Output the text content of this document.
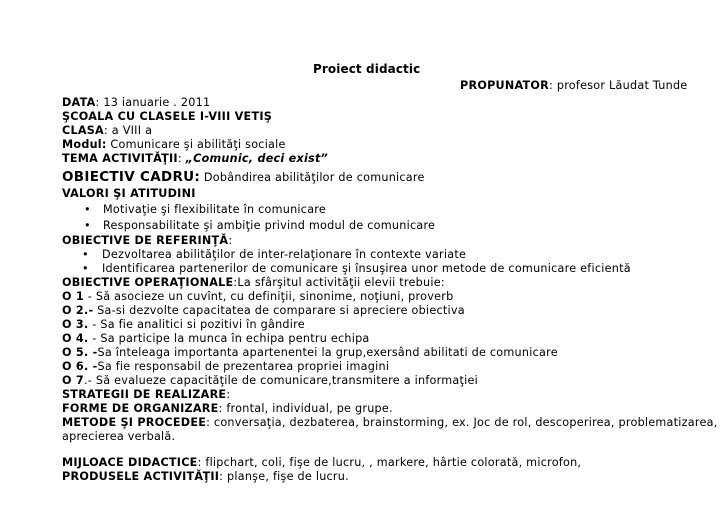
Proiect didactic
PROPUNATOR: profesor Lăudat Tunde
DATA: 13 ianuarie . 2011
ŞCOALA CU CLASELE I-VIII VETIŞ
CLASA: a VIII a
Modul: Comunicare şi abilităţi sociale
TEMA ACTIVITĂŢII: „Comunic, deci exist”
OBIECTIV CADRU: Dobândirea abilităţilor de comunicare
VALORI ŞI ATITUDINI
• Motivaţie şi flexibilitate în comunicare
• Responsabilitate şi ambiţie privind modul de comunicare
OBIECTIVE DE REFERINŢĂ:
• Dezvoltarea abilităţilor de inter-relaţionare în contexte variate
• Identificarea partenerilor de comunicare şi însuşirea unor metode de comunicare eficientă
OBIECTIVE OPERAŢIONALE:La sfârşitul activităţii elevii trebuie:
O 1 - Să asocieze un cuvînt, cu definiţii, sinonime, noţiuni, proverb
O 2.- Sa-si dezvolte capacitatea de comparare si apreciere obiectiva
O 3. - Sa fie analitici si pozitivi în gândire
O 4. - Sa participe la munca în echipa pentru echipa
O 5. -Sa înteleaga importanta apartenentei la grup,exersând abilitati de comunicare
O 6. -Sa fie responsabil de prezentarea propriei imagini
O 7.- Să evalueze capacităţile de comunicare,transmitere a informaţiei
STRATEGII DE REALIZARE:
FORME DE ORGANIZARE: frontal, individual, pe grupe.
METODE ŞI PROCEDEE: conversaţia, dezbaterea, brainstorming, ex. Joc de rol, descoperirea, problematizarea,
aprecierea verbală.
MIJLOACE DIDACTICE: flipchart, coli, fişe de lucru, , markere, hârtie colorată, microfon,
PRODUSELE ACTIVITĂŢII: planşe, fişe de lucru.
